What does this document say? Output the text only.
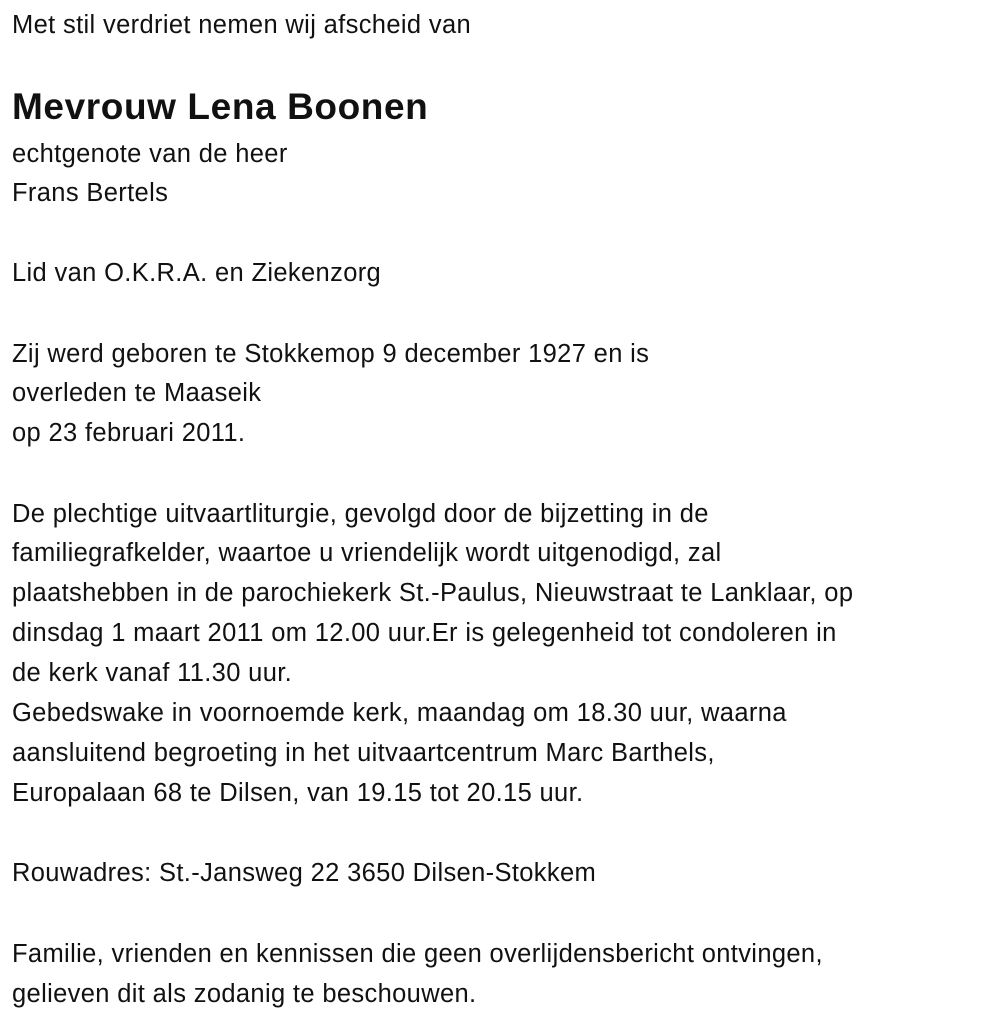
Met stil verdriet nemen wij afscheid van
Mevrouw Lena Boonen
echtgenote van de heer
Frans Bertels
Lid van O.K.R.A. en Ziekenzorg
Zij werd geboren te Stokkemop 9 december 1927 en is
overleden te Maaseik
op 23 februari 2011.
De plechtige uitvaartliturgie, gevolgd door de bijzetting in de
familiegrafkelder, waartoe u vriendelijk wordt uitgenodigd, zal
plaatshebben in de parochiekerk St.-Paulus, Nieuwstraat te Lanklaar, op
dinsdag 1 maart 2011 om 12.00 uur.Er is gelegenheid tot condoleren in
de kerk vanaf 11.30 uur.
Gebedswake in voornoemde kerk, maandag om 18.30 uur, waarna
aansluitend begroeting in het uitvaartcentrum Marc Barthels,
Europalaan 68 te Dilsen, van 19.15 tot 20.15 uur.
Rouwadres: St.-Jansweg 22 3650 Dilsen-Stokkem
Familie, vrienden en kennissen die geen overlijdensbericht ontvingen,
gelieven dit als zodanig te beschouwen.
